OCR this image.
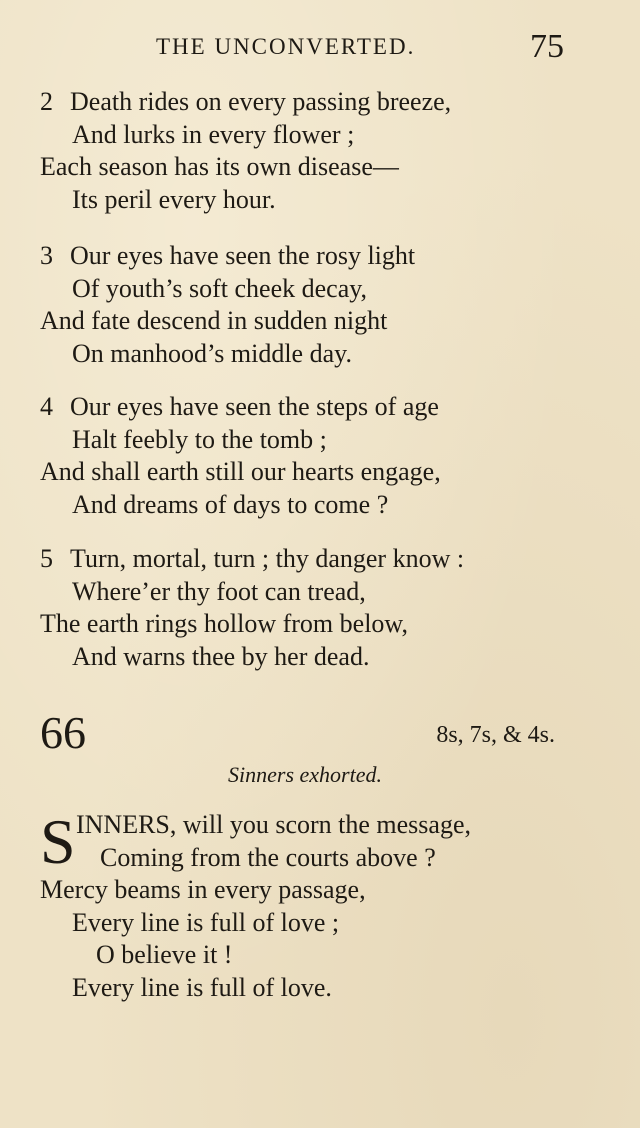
THE UNCONVERTED.	75
2 Death rides on every passing breeze,
And lurks in every flower ;
Each season has its own disease—
Its peril every hour.
3 Our eyes have seen the rosy light
Of youth’s soft cheek decay,
And fate descend in sudden night
On manhood’s middle day.
4 Our eyes have seen the steps of age
Halt feebly to the tomb ;
And shall earth still our hearts engage,
And dreams of days to come ?
5 Turn, mortal, turn ; thy danger know :
Where’er thy foot can tread,
The earth rings hollow from below,
And warns thee by her dead.
66	8s, 7s, & 4s.
Sinners exhorted.
S INNERS, will you scorn the message,
Coming from the courts above ?
Mercy beams in every passage,
Every line is full of love ;
O believe it !
Every line is full of love.
